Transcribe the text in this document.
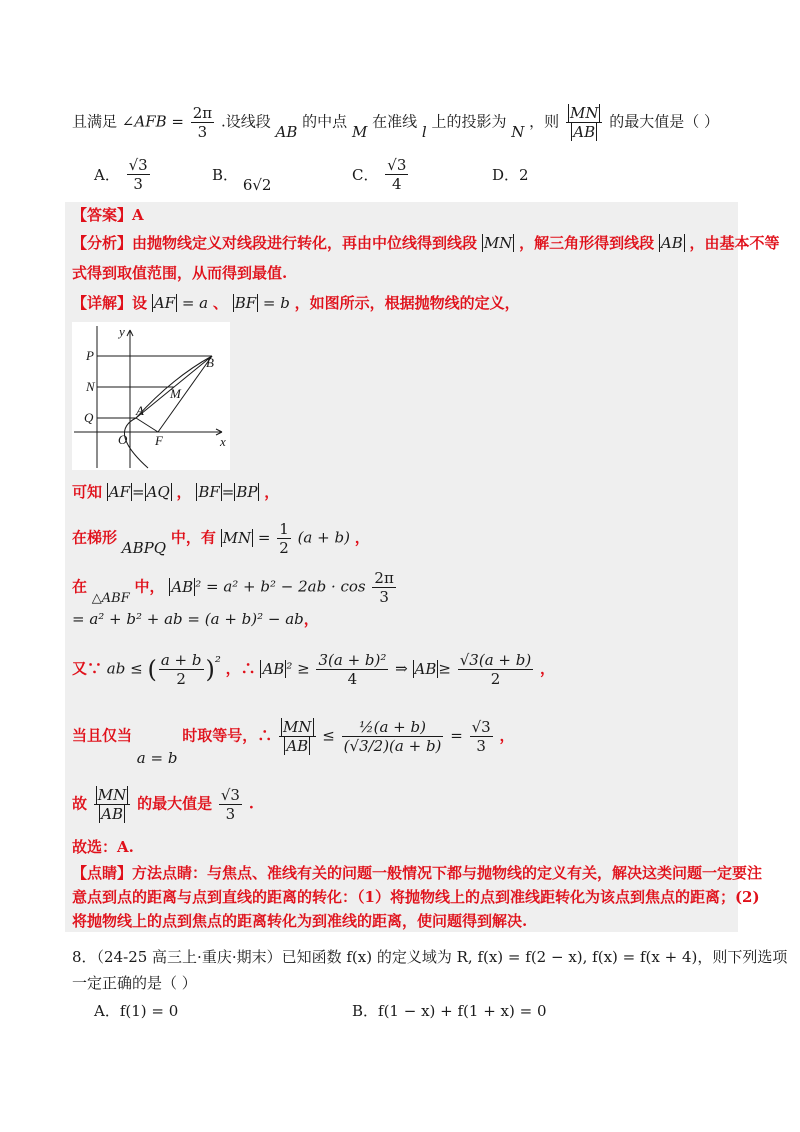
且满足 ∠AFB = $\frac{2\pi}{3}$ .设线段 AB 的中点 M 在准线 l 上的投影为 N ，则 $\frac{MN}{AB}$ 的最大值是（ ）
A． $\frac{√3}{3}$	B． 6√2
C． $\frac{√3}{4}$	D．2
【答案】A
【分析】由抛物线定义对线段进行转化，再由中位线得到线段 MN ，解三角形得到线段 AB ，由基本不等
式得到取值范围，从而得到最值.
【详解】设 AF = a 、 BF = b ，如图所示，根据抛物线的定义，
y
P
N
Q
O
A
F
M
B
x
可知 AF = AQ ， BF = BP ，
在梯形 ABPQ 中，有 MN = $\frac{1}{2} (a + b)$ ，
在 △ABF 中， AB $^2 = a^2 + b^2 - 2ab \cdot \cos \frac{2\pi}{3}$
= a² + b² + ab = (a + b)² − ab，
又∵ ab ≤ ( $\frac{a + b}{2} )^2$ ，∴ AB $^2 \ge \frac{\text{3(a + b)²}}{4}$ ⇒ AB ≥ $\frac{√3(a + b)}{2}$ ，
当且仅当 a = b 时取等号，∴ $\frac{MN}{AB} \le \frac{\text{½(a + b)}}{(√3/2)(a + b)} = \frac{√3}{3}$ ，
故 $\frac{MN}{AB}$ 的最大值是 $\frac{√3}{3}$ .
故选：A.
【点睛】方法点睛：与焦点、准线有关的问题一般情况下都与抛物线的定义有关，解决这类问题一定要注
意点到点的距离与点到直线的距离的转化：（1）将抛物线上的点到准线距转化为该点到焦点的距离；(2)
将抛物线上的点到焦点的距离转化为到准线的距离，使问题得到解决.
8．（24-25 高三上·重庆·期末）已知函数 f(x) 的定义域为 R, f(x) = f(2 − x), f(x) = f(x + 4)，则下列选项
一定正确的是（ ）
A．f(1) = 0	B．f(1 − x) + f(1 + x) = 0
